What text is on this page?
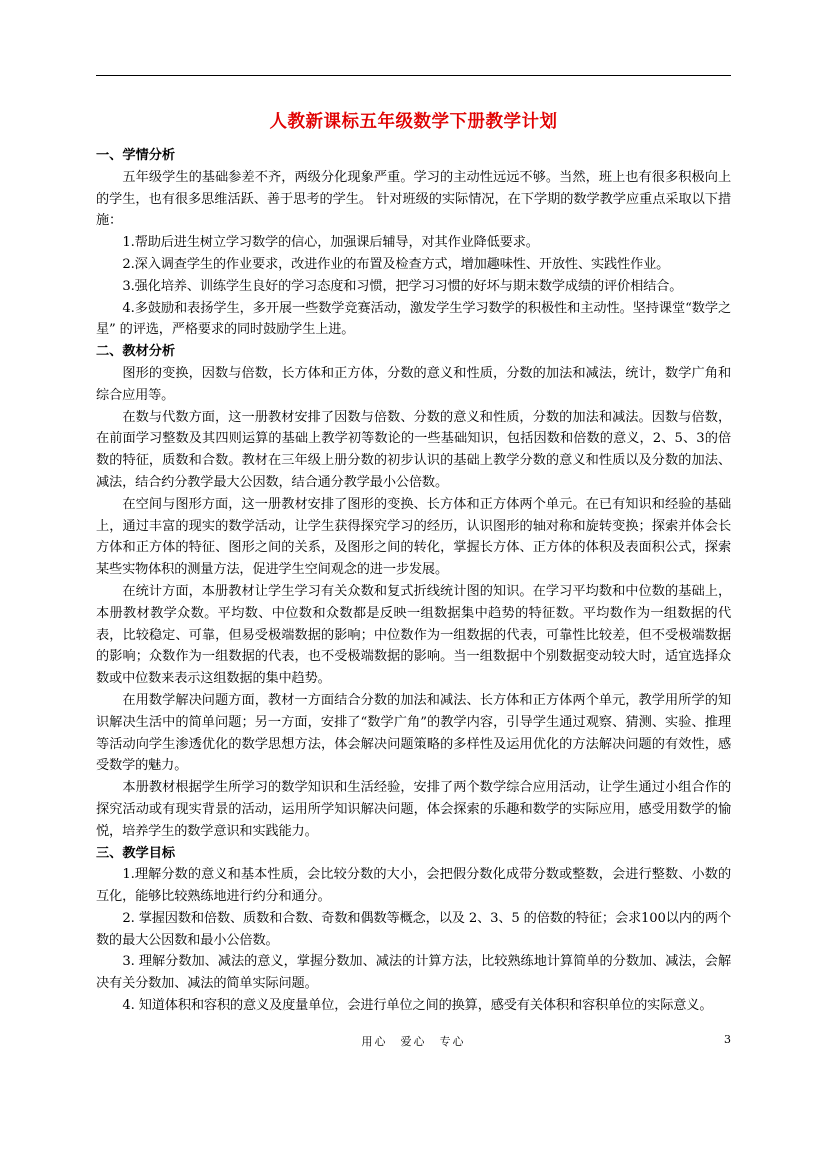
人教新课标五年级数学下册教学计划
一、学情分析

五年级学生的基础参差不齐，两级分化现象严重。学习的主动性远远不够。当然，班上也有很多积极向上的学生，也有很多思维活跃、善于思考的学生。 针对班级的实际情况，在下学期的数学教学应重点采取以下措施：

1.帮助后进生树立学习数学的信心，加强课后辅导，对其作业降低要求。

2.深入调查学生的作业要求，改进作业的布置及检查方式，增加趣味性、开放性、实践性作业。

3.强化培养、训练学生良好的学习态度和习惯，把学习习惯的好坏与期末数学成绩的评价相结合。

4.多鼓励和表扬学生，多开展一些数学竞赛活动，激发学生学习数学的积极性和主动性。坚持课堂“数学之星” 的评选，严格要求的同时鼓励学生上进。

二、教材分析

图形的变换，因数与倍数，长方体和正方体，分数的意义和性质，分数的加法和减法，统计，数学广角和综合应用等。

在数与代数方面，这一册教材安排了因数与倍数、分数的意义和性质，分数的加法和减法。因数与倍数，在前面学习整数及其四则运算的基础上教学初等数论的一些基础知识，包括因数和倍数的意义，2、5、3的倍数的特征，质数和合数。教材在三年级上册分数的初步认识的基础上教学分数的意义和性质以及分数的加法、减法，结合约分教学最大公因数，结合通分教学最小公倍数。

在空间与图形方面，这一册教材安排了图形的变换、长方体和正方体两个单元。在已有知识和经验的基础上，通过丰富的现实的数学活动，让学生获得探究学习的经历，认识图形的轴对称和旋转变换；探索并体会长方体和正方体的特征、图形之间的关系，及图形之间的转化，掌握长方体、正方体的体积及表面积公式，探索某些实物体积的测量方法，促进学生空间观念的进一步发展。

在统计方面，本册教材让学生学习有关众数和复式折线统计图的知识。在学习平均数和中位数的基础上，本册教材教学众数。平均数、中位数和众数都是反映一组数据集中趋势的特征数。平均数作为一组数据的代表，比较稳定、可靠，但易受极端数据的影响；中位数作为一组数据的代表，可靠性比较差，但不受极端数据的影响；众数作为一组数据的代表，也不受极端数据的影响。当一组数据中个别数据变动较大时，适宜选择众数或中位数来表示这组数据的集中趋势。

在用数学解决问题方面，教材一方面结合分数的加法和减法、长方体和正方体两个单元，教学用所学的知识解决生活中的简单问题；另一方面，安排了“数学广角”的教学内容，引导学生通过观察、猜测、实验、推理等活动向学生渗透优化的数学思想方法，体会解决问题策略的多样性及运用优化的方法解决问题的有效性，感受数学的魅力。

本册教材根据学生所学习的数学知识和生活经验，安排了两个数学综合应用活动，让学生通过小组合作的探究活动或有现实背景的活动，运用所学知识解决问题，体会探索的乐趣和数学的实际应用，感受用数学的愉悦，培养学生的数学意识和实践能力。

三、教学目标

1.理解分数的意义和基本性质，会比较分数的大小，会把假分数化成带分数或整数，会进行整数、小数的互化，能够比较熟练地进行约分和通分。

2. 掌握因数和倍数、质数和合数、奇数和偶数等概念，以及 2、3、5 的倍数的特征；会求100以内的两个数的最大公因数和最小公倍数。

3. 理解分数加、减法的意义，掌握分数加、减法的计算方法，比较熟练地计算简单的分数加、减法，会解决有关分数加、减法的简单实际问题。

4. 知道体积和容积的意义及度量单位，会进行单位之间的换算，感受有关体积和容积单位的实际意义。

用心　爱心　专心	3
